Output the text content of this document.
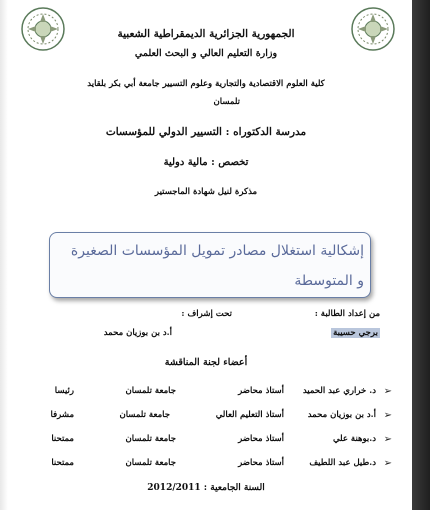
الجمهورية الجزائرية الديمقراطية الشعبية
وزارة التعليم العالي و البحث العلمي
كلية العلوم الاقتصادية والتجارية وعلوم التسيير جامعة أبي بكر بلقايد
تلمسان
مدرسة الدكتوراه : التسيير الدولي للمؤسسات
تخصص : مالية دولية
مذكرة لنيل شهادة الماجستير
إشكالية استغلال مصادر تمويل المؤسسات الصغيرة
و المتوسطة
من إعداد الطالبة :
تحت إشراف :
برجي حسيبة
أ.د بن بوزيان محمد
أعضاء لجنة المناقشة
➢
د. خراري عبد الحميد
أستاذ محاضر
جامعة تلمسان
رئيسا
➢
أ.د بن بوزيان محمد
أستاذ التعليم العالي
جامعة تلمسان
مشرفا
➢
د.بوهنة علي
أستاذ محاضر
جامعة تلمسان
ممتحنا
➢
د.طيل عبد اللطيف
أستاذ محاضر
جامعة تلمسان
ممتحنا
السنة الجامعية : 2012/2011
